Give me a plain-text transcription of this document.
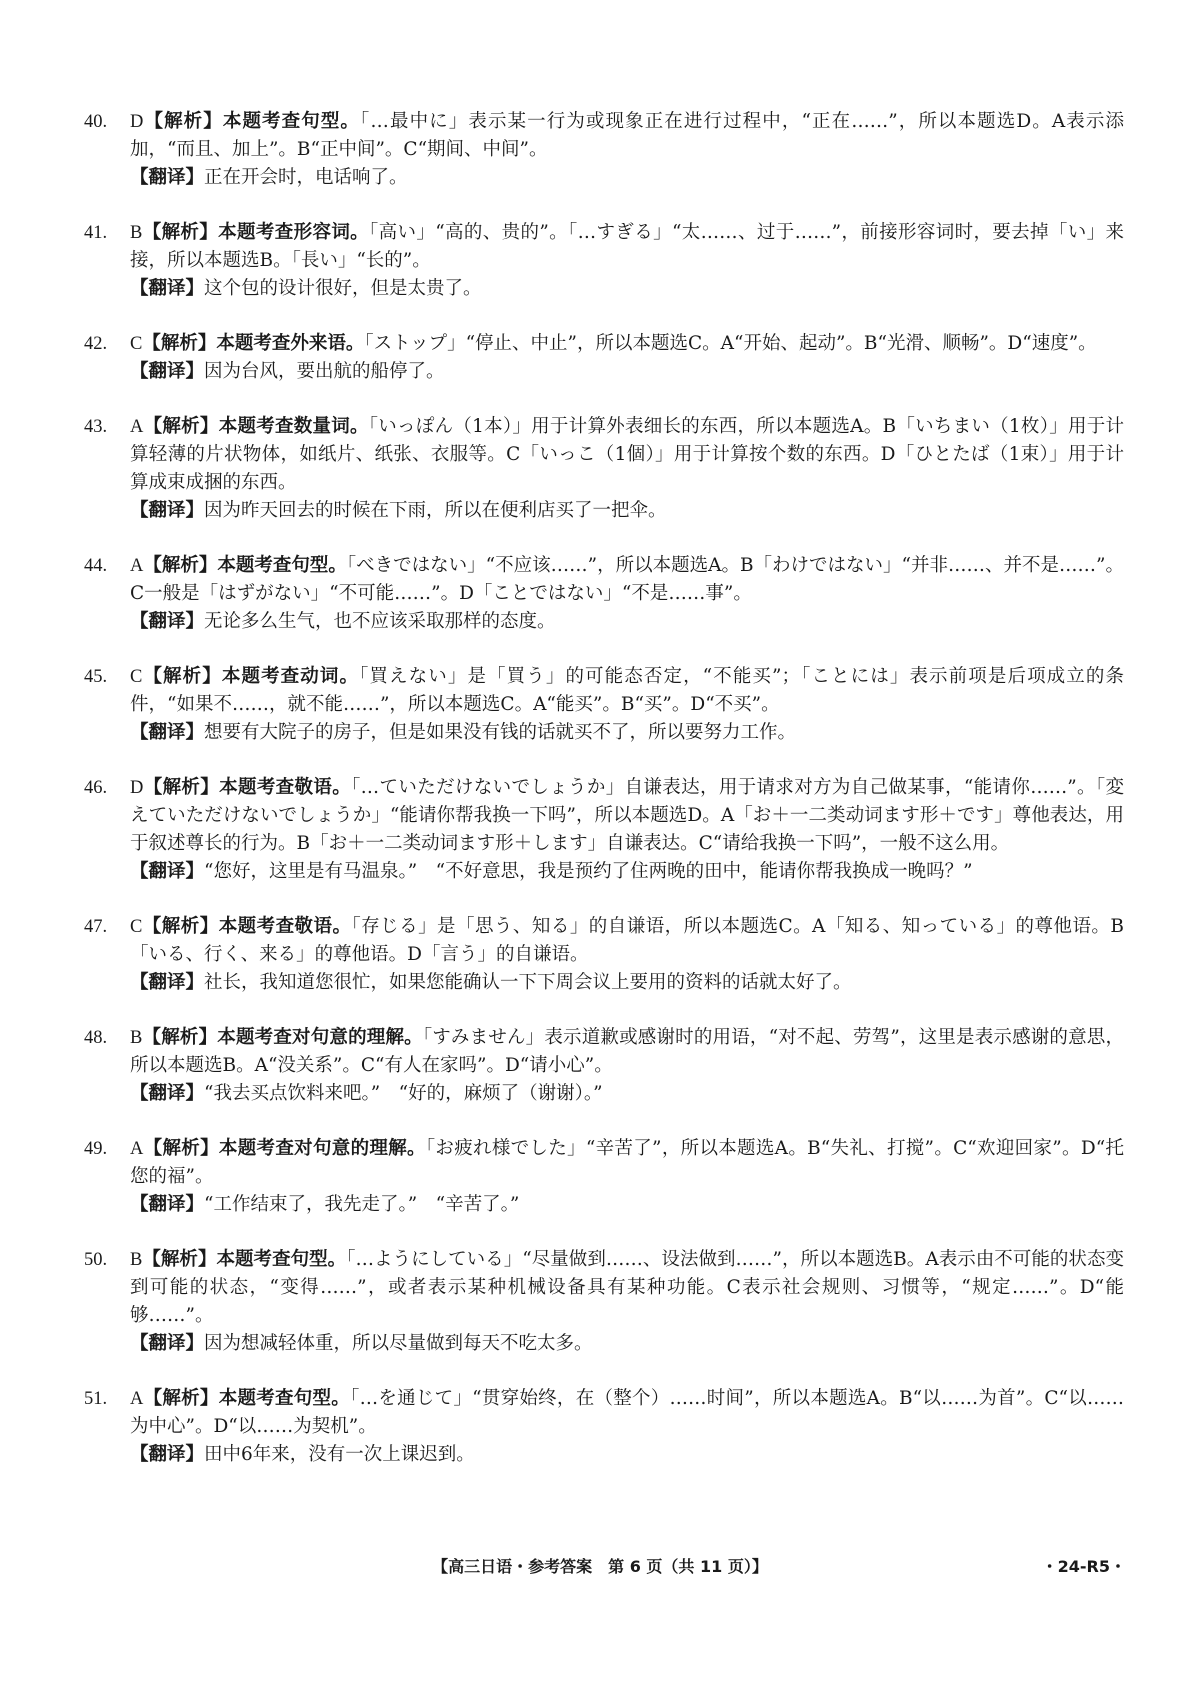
40. D【解析】本题考查句型。「…最中に」表示某一行为或现象正在进行过程中，“正在……”，所以本题选D。A表示添加，“而且、加上”。B“正中间”。C“期间、中间”。

【翻译】正在开会时，电话响了。

41. B【解析】本题考查形容词。「高い」“高的、贵的”。「…すぎる」“太……、过于……”，前接形容词时，要去掉「い」来接，所以本题选B。「長い」“长的”。

【翻译】这个包的设计很好，但是太贵了。

42. C【解析】本题考查外来语。「ストップ」“停止、中止”，所以本题选C。A“开始、起动”。B“光滑、顺畅”。D“速度”。

【翻译】因为台风，要出航的船停了。

43. A【解析】本题考查数量词。「いっぽん（1本）」用于计算外表细长的东西，所以本题选A。B「いちまい（1枚）」用于计算轻薄的片状物体，如纸片、纸张、衣服等。C「いっこ（1個）」用于计算按个数的东西。D「ひとたば（1束）」用于计算成束成捆的东西。

【翻译】因为昨天回去的时候在下雨，所以在便利店买了一把伞。

44. A【解析】本题考查句型。「べきではない」“不应该……”，所以本题选A。B「わけではない」“并非……、并不是……”。C一般是「はずがない」“不可能……”。D「ことではない」“不是……事”。

【翻译】无论多么生气，也不应该采取那样的态度。

45. C【解析】本题考查动词。「買えない」是「買う」的可能态否定，“不能买”；「ことには」表示前项是后项成立的条件，“如果不……，就不能……”，所以本题选C。A“能买”。B“买”。D“不买”。

【翻译】想要有大院子的房子，但是如果没有钱的话就买不了，所以要努力工作。

46. D【解析】本题考查敬语。「…ていただけないでしょうか」自谦表达，用于请求对方为自己做某事，“能请你……”。「変えていただけないでしょうか」“能请你帮我换一下吗”，所以本题选D。A「お＋一二类动词ます形＋です」尊他表达，用于叙述尊长的行为。B「お＋一二类动词ます形＋します」自谦表达。C“请给我换一下吗”，一般不这么用。

【翻译】“您好，这里是有马温泉。”　“不好意思，我是预约了住两晚的田中，能请你帮我换成一晚吗？”

47. C【解析】本题考查敬语。「存じる」是「思う、知る」的自谦语，所以本题选C。A「知る、知っている」的尊他语。B「いる、行く、来る」的尊他语。D「言う」的自谦语。

【翻译】社长，我知道您很忙，如果您能确认一下下周会议上要用的资料的话就太好了。

48. B【解析】本题考查对句意的理解。「すみません」表示道歉或感谢时的用语，“对不起、劳驾”，这里是表示感谢的意思，所以本题选B。A“没关系”。C“有人在家吗”。D“请小心”。

【翻译】“我去买点饮料来吧。”　“好的，麻烦了（谢谢）。”

49. A【解析】本题考查对句意的理解。「お疲れ様でした」“辛苦了”，所以本题选A。B“失礼、打搅”。C“欢迎回家”。D“托您的福”。

【翻译】“工作结束了，我先走了。”　“辛苦了。”

50. B【解析】本题考查句型。「…ようにしている」“尽量做到……、设法做到……”，所以本题选B。A表示由不可能的状态变到可能的状态，“变得……”，或者表示某种机械设备具有某种功能。C表示社会规则、习惯等，“规定……”。D“能够……”。

【翻译】因为想减轻体重，所以尽量做到每天不吃太多。

51. A【解析】本题考查句型。「…を通じて」“贯穿始终，在（整个）……时间”，所以本题选A。B“以……为首”。C“以……为中心”。D“以……为契机”。

【翻译】田中6年来，没有一次上课迟到。

【高三日语・参考答案　第 6 页（共 11 页）】	・24-R5・
